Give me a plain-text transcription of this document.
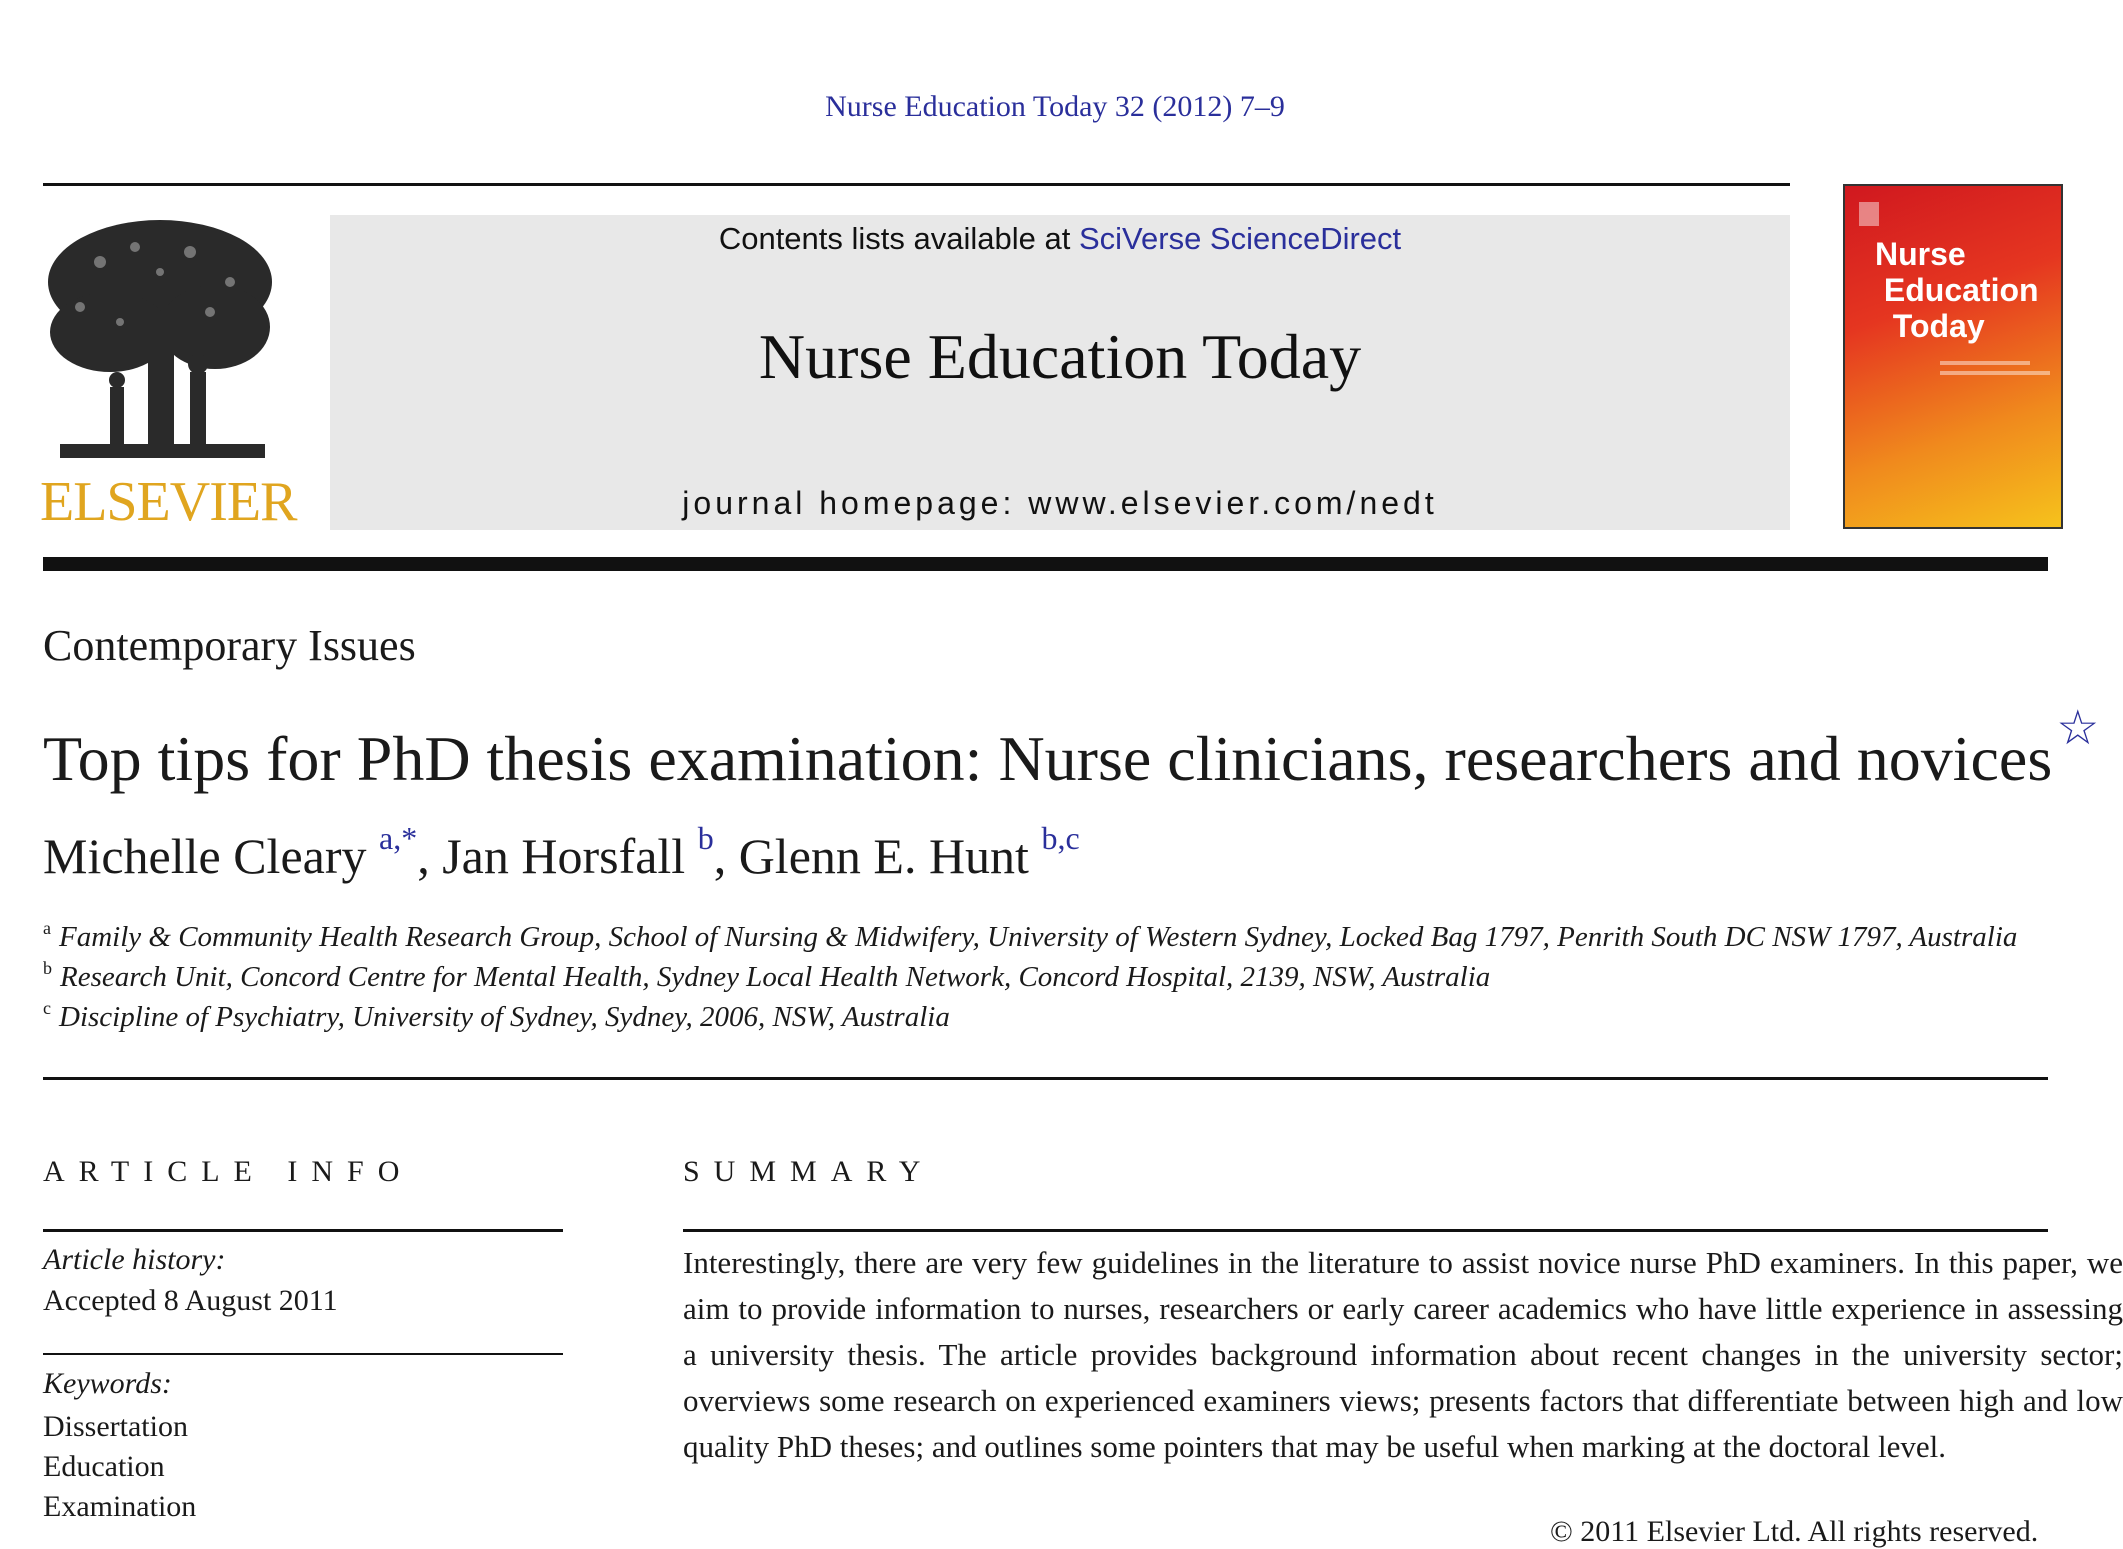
Nurse Education Today 32 (2012) 7–9
ELSEVIER
Contents lists available at SciVerse ScienceDirect
Nurse Education Today
journal homepage: www.elsevier.com/nedt
Nurse
Education
Today
Contemporary Issues
Top tips for PhD thesis examination: Nurse clinicians, researchers and novices☆
Michelle Cleary $^{a,*}$, Jan Horsfall $^b$, Glenn E. Hunt $^{b,c}$
$^a$ Family & Community Health Research Group, School of Nursing & Midwifery, University of Western Sydney, Locked Bag 1797, Penrith South DC NSW 1797, Australia
$^b$ Research Unit, Concord Centre for Mental Health, Sydney Local Health Network, Concord Hospital, 2139, NSW, Australia
$^c$ Discipline of Psychiatry, University of Sydney, Sydney, 2006, NSW, Australia
ARTICLE INFO
Article history:
Accepted 8 August 2011
Keywords:
Dissertation
Education
Examination
SUMMARY
Interestingly, there are very few guidelines in the literature to assist novice nurse PhD examiners. In this paper, we aim to provide information to nurses, researchers or early career academics who have little experience in assessing a university thesis. The article provides background information about recent changes in the university sector; overviews some research on experienced examiners views; presents factors that differentiate between high and low quality PhD theses; and outlines some pointers that may be useful when marking at the doctoral level.
© 2011 Elsevier Ltd. All rights reserved.
